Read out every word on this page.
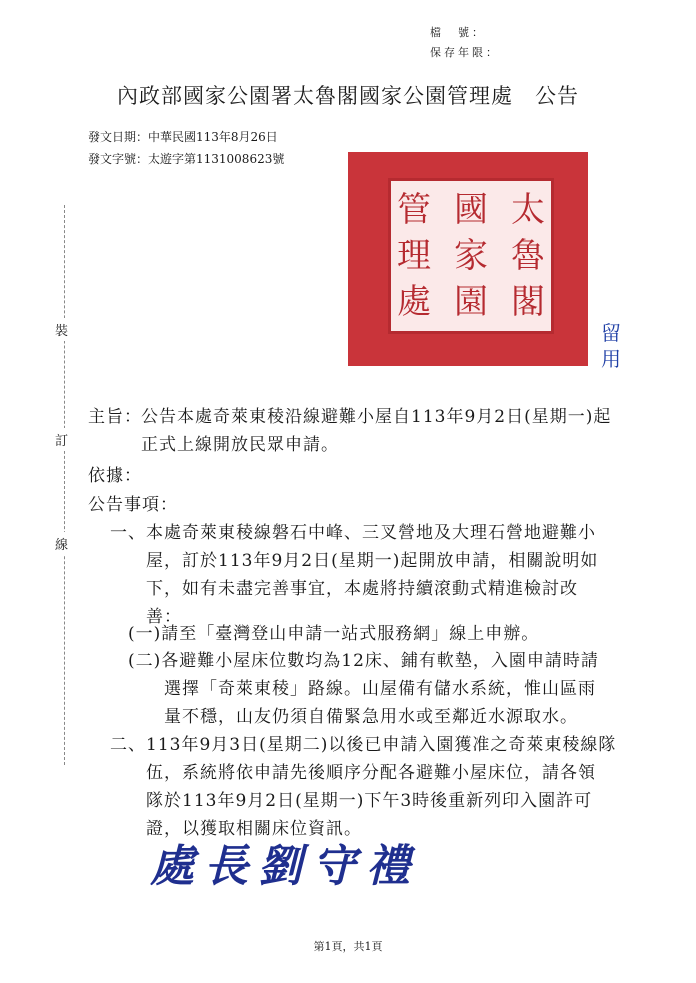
檔　號：
保存年限：
內政部國家公園署太魯閣國家公園管理處　公告
發文日期：中華民國113年8月26日
發文字號：太遊字第1131008623號
裝
訂
線
太
魯
閣
國
家
園
管
理
處
留
用
主旨： 公告本處奇萊東稜沿線避難小屋自113年9月2日(星期一)起
正式上線開放民眾申請。
依據：
公告事項：
一、 本處奇萊東稜線磐石中峰、三叉營地及大理石營地避難小
屋，訂於113年9月2日(星期一)起開放申請，相關說明如
下，如有未盡完善事宜，本處將持續滾動式精進檢討改
善：
(一)請至「臺灣登山申請一站式服務網」線上申辦。
(二)各避難小屋床位數均為12床、鋪有軟墊，入園申請時請
選擇「奇萊東稜」路線。山屋備有儲水系統，惟山區雨
量不穩，山友仍須自備緊急用水或至鄰近水源取水。
二、 113年9月3日(星期二)以後已申請入園獲准之奇萊東稜線隊
伍，系統將依申請先後順序分配各避難小屋床位，請各領
隊於113年9月2日(星期一)下午3時後重新列印入園許可
證，以獲取相關床位資訊。
處長劉守禮
第1頁，共1頁
